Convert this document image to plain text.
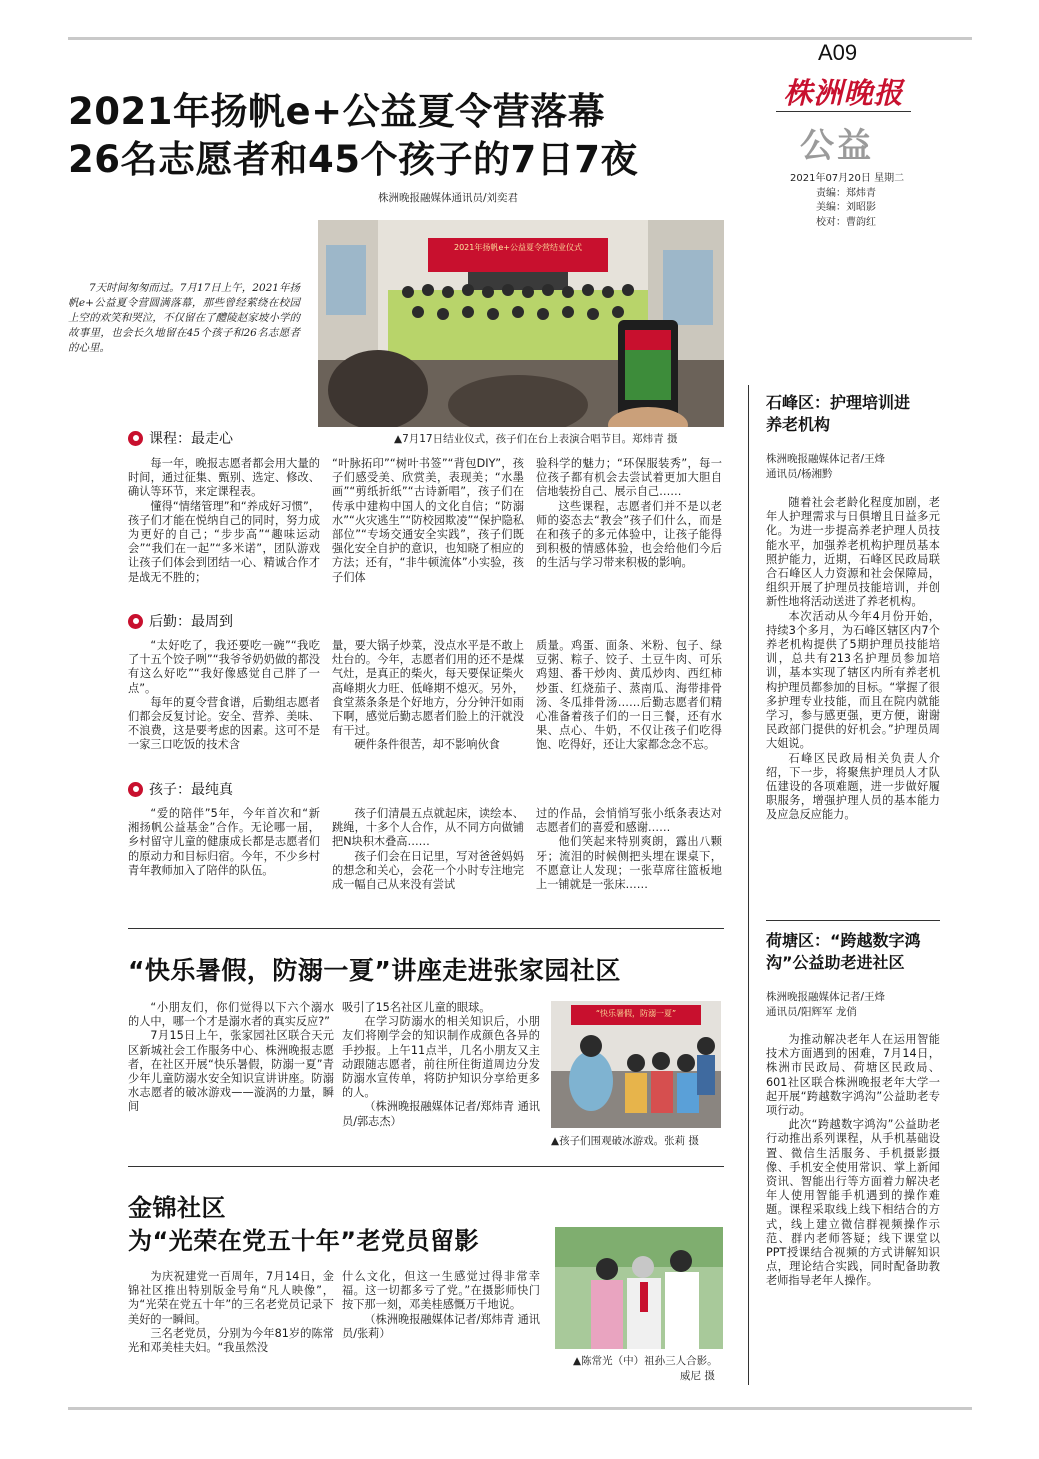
A09
株洲晚报
公益
2021年07月20日 星期二
责编：郑炜青
美编：刘昭影
校对：曹韵红
2021年扬帆e+公益夏令营落幕
26名志愿者和45个孩子的7日7夜
株洲晚报融媒体通讯员/刘奕君
7天时间匆匆而过。7月17日上午，2021年扬帆e+公益夏令营圆满落幕，那些曾经萦绕在校园上空的欢笑和哭泣，不仅留在了醴陵赵家坡小学的故事里，也会长久地留在45个孩子和26名志愿者的心里。
2021年扬帆e+公益夏令营结业仪式
▲7月17日结业仪式，孩子们在台上表演合唱节目。郑炜青 摄
课程：最走心

每一年，晚报志愿者都会用大量的时间，通过征集、甄别、选定、修改、确认等环节，来定课程表。

懂得“情绪管理”和“养成好习惯”，孩子们才能在悦纳自己的同时，努力成为更好的自己；“步步高”“趣味运动会”“我们在一起”“多米诺”，团队游戏让孩子们体会到团结一心、精诚合作才是战无不胜的；

“叶脉拓印”“树叶书签”“背包DIY”，孩子们感受美、欣赏美，表现美；“水墨画”“剪纸折纸”“古诗新唱”，孩子们在传承中建构中国人的文化自信；“防溺水”“火灾逃生”“防校园欺凌”“保护隐私部位”“专场交通安全实践”，孩子们既强化安全自护的意识，也知晓了相应的方法；还有，“非牛顿流体”小实验，孩子们体

验科学的魅力；“环保服装秀”，每一位孩子都有机会去尝试着更加大胆自信地装扮自己、展示自己……

这些课程，志愿者们并不是以老师的姿态去“教会”孩子们什么，而是在和孩子的多元体验中，让孩子能得到积极的情感体验，也会给他们今后的生活与学习带来积极的影响。

后勤：最周到

“太好吃了，我还要吃一碗”“我吃了十五个饺子咧”“我爷爷奶奶做的都没有这么好吃”“我好像感觉自己胖了一点”。

每年的夏令营食谱，后勤组志愿者们都会反复讨论。安全、营养、美味、不浪费，这是要考虑的因素。这可不是一家三口吃饭的技术含

量，要大锅子炒菜，没点水平是不敢上灶台的。今年，志愿者们用的还不是煤气灶，是真正的柴火，每天要保证柴火高峰期火力旺、低峰期不熄灭。另外，食堂蒸条条是个好地方，分分钟汗如雨下啊，感觉后勤志愿者们脸上的汗就没有干过。

硬件条件很苦，却不影响伙食

质量。鸡蛋、面条、米粉、包子、绿豆粥、粽子、饺子、土豆牛肉、可乐鸡翅、番干炒肉、黄瓜炒肉、西红柿炒蛋、红烧茄子、蒸南瓜、海带排骨汤、冬瓜排骨汤……后勤志愿者们精心准备着孩子们的一日三餐，还有水果、点心、牛奶，不仅让孩子们吃得饱、吃得好，还让大家都念念不忘。

孩子：最纯真

“爱的陪伴”5年，今年首次和“新湘扬帆公益基金”合作。无论哪一届，乡村留守儿童的健康成长都是志愿者们的原动力和目标归宿。今年，不少乡村青年教师加入了陪伴的队伍。

孩子们清晨五点就起床，读绘本、跳绳，十多个人合作，从不同方向做铺把N块积木叠高……

孩子们会在日记里，写对爸爸妈妈的想念和关心，会花一个小时专注地完成一幅自己从来没有尝试

过的作品，会悄悄写张小纸条表达对志愿者们的喜爱和感谢……

他们笑起来特别爽朗，露出八颗牙；流泪的时候侧把头埋在课桌下，不愿意让人发现；一张草席往篮板地上一铺就是一张床……

“快乐暑假，防溺一夏”讲座走进张家园社区

“小朋友们，你们觉得以下六个溺水的人中，哪一个才是溺水者的真实反应?”

7月15日上午，张家园社区联合天元区新城社会工作服务中心、株洲晚报志愿者，在社区开展“快乐暑假，防溺一夏”青少年儿童防溺水安全知识宣讲讲座。防溺水志愿者的破冰游戏——漩涡的力量，瞬间

吸引了15名社区儿童的眼球。

在学习防溺水的相关知识后，小朋友们将刚学会的知识制作成颜色各异的手抄报。上午11点半，几名小朋友又主动跟随志愿者，前往所住街道周边分发防溺水宣传单，将防护知识分享给更多的人。

（株洲晚报融媒体记者/郑炜青 通讯员/郭志杰）

“快乐暑假，防溺一夏”
▲孩子们围观破冰游戏。张莉 摄
金锦社区
为“光荣在党五十年”老党员留影

为庆祝建党一百周年，7月14日，金锦社区推出特别版金号角“凡人映像”，为“光荣在党五十年”的三名老党员记录下美好的一瞬间。

三名老党员，分别为今年81岁的陈常光和邓美桂夫妇。“我虽然没

什么文化，但这一生感觉过得非常幸福。这一切都多亏了党。”在摄影师快门按下那一刻，邓美桂感慨万千地说。

（株洲晚报融媒体记者/郑炜青 通讯员/张莉）

▲陈常光（中）祖孙三人合影。
威尼 摄
石峰区：护理培训进
养老机构
株洲晚报融媒体记者/王烽
通讯员/杨湘黔

随着社会老龄化程度加剧，老年人护理需求与日俱增且日益多元化。为进一步提高养老护理人员技能水平，加强养老机构护理员基本照护能力，近期，石峰区民政局联合石峰区人力资源和社会保障局，组织开展了护理员技能培训，并创新性地将活动送进了养老机构。

本次活动从今年4月份开始，持续3个多月，为石峰区辖区内7个养老机构提供了5期护理员技能培训，总共有213名护理员参加培训，基本实现了辖区内所有养老机构护理员都参加的目标。“掌握了很多护理专业技能，而且在院内就能学习，参与感更强，更方便，谢谢民政部门提供的好机会。”护理员周大姐说。

石峰区民政局相关负责人介绍，下一步，将聚焦护理员人才队伍建设的各项难题，进一步做好履职服务，增强护理人员的基本能力及应急反应能力。

荷塘区：“跨越数字鸿
沟”公益助老进社区
株洲晚报融媒体记者/王烽
通讯员/阳辉军 龙俏

为推动解决老年人在运用智能技术方面遇到的困难，7月14日，株洲市民政局、荷塘区民政局、601社区联合株洲晚报老年大学一起开展“跨越数字鸿沟”公益助老专项行动。

此次“跨越数字鸿沟”公益助老行动推出系列课程，从手机基础设置、微信生活服务、手机摄影摄像、手机安全使用常识、掌上新闻资讯、智能出行等方面着力解决老年人使用智能手机遇到的操作难题。课程采取线上线下相结合的方式，线上建立微信群视频操作示范、群内老师答疑；线下课堂以PPT授课结合视频的方式讲解知识点，理论结合实践，同时配备助教老师指导老年人操作。
